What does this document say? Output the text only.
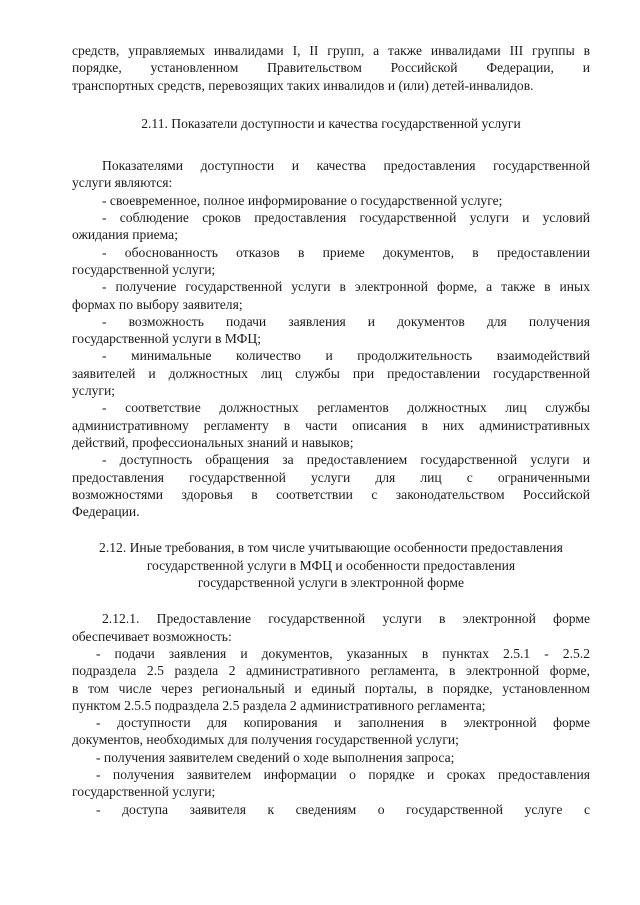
средств, управляемых инвалидами I, II групп, а также инвалидами III группы в

порядке, установленном Правительством Российской Федерации, и

транспортных средств, перевозящих таких инвалидов и (или) детей-инвалидов.

2.11. Показатели доступности и качества государственной услуги

Показателями доступности и качества предоставления государственной

услуги являются:

- своевременное, полное информирование о государственной услуге;

- соблюдение сроков предоставления государственной услуги и условий

ожидания приема;

- обоснованность отказов в приеме документов, в предоставлении

государственной услуги;

- получение государственной услуги в электронной форме, а также в иных

формах по выбору заявителя;

- возможность подачи заявления и документов для получения

государственной услуги в МФЦ;

- минимальные количество и продолжительность взаимодействий

заявителей и должностных лиц службы при предоставлении государственной

услуги;

- соответствие должностных регламентов должностных лиц службы

административному регламенту в части описания в них административных

действий, профессиональных знаний и навыков;

- доступность обращения за предоставлением государственной услуги и

предоставления государственной услуги для лиц с ограниченными

возможностями здоровья в соответствии с законодательством Российской

Федерации.

2.12. Иные требования, в том числе учитывающие особенности предоставления

государственной услуги в МФЦ и особенности предоставления

государственной услуги в электронной форме

2.12.1. Предоставление государственной услуги в электронной форме

обеспечивает возможность:

- подачи заявления и документов, указанных в пунктах 2.5.1 - 2.5.2

подраздела 2.5 раздела 2 административного регламента, в электронной форме,

в том числе через региональный и единый порталы, в порядке, установленном

пунктом 2.5.5 подраздела 2.5 раздела 2 административного регламента;

- доступности для копирования и заполнения в электронной форме

документов, необходимых для получения государственной услуги;

- получения заявителем сведений о ходе выполнения запроса;

- получения заявителем информации о порядке и сроках предоставления

государственной услуги;

- доступа заявителя к сведениям о государственной услуге с
